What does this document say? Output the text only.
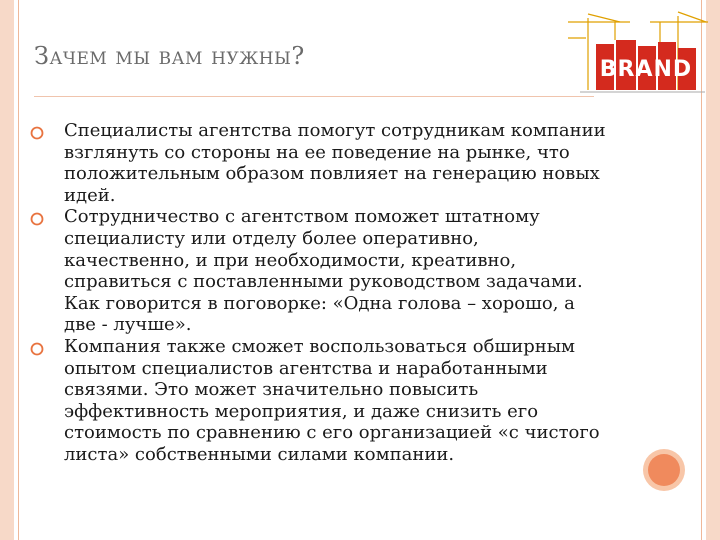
Зачем мы вам нужны?	BRAND
Специалисты агентства помогут сотрудникам компании взглянуть со стороны на ее поведение на рынке, что положительным образом повлияет на генерацию новых идей.
Сотрудничество с агентством поможет штатному специалисту или отделу более оперативно, качественно, и при необходимости, креативно, справиться с поставленными руководством задачами. Как говорится в поговорке: «Одна голова – хорошо, а две - лучше».
Компания также сможет воспользоваться обширным опытом специалистов агентства и наработанными связями. Это может значительно повысить эффективность мероприятия, и даже снизить его стоимость по сравнению с его организацией «с чистого листа» собственными силами компании.
